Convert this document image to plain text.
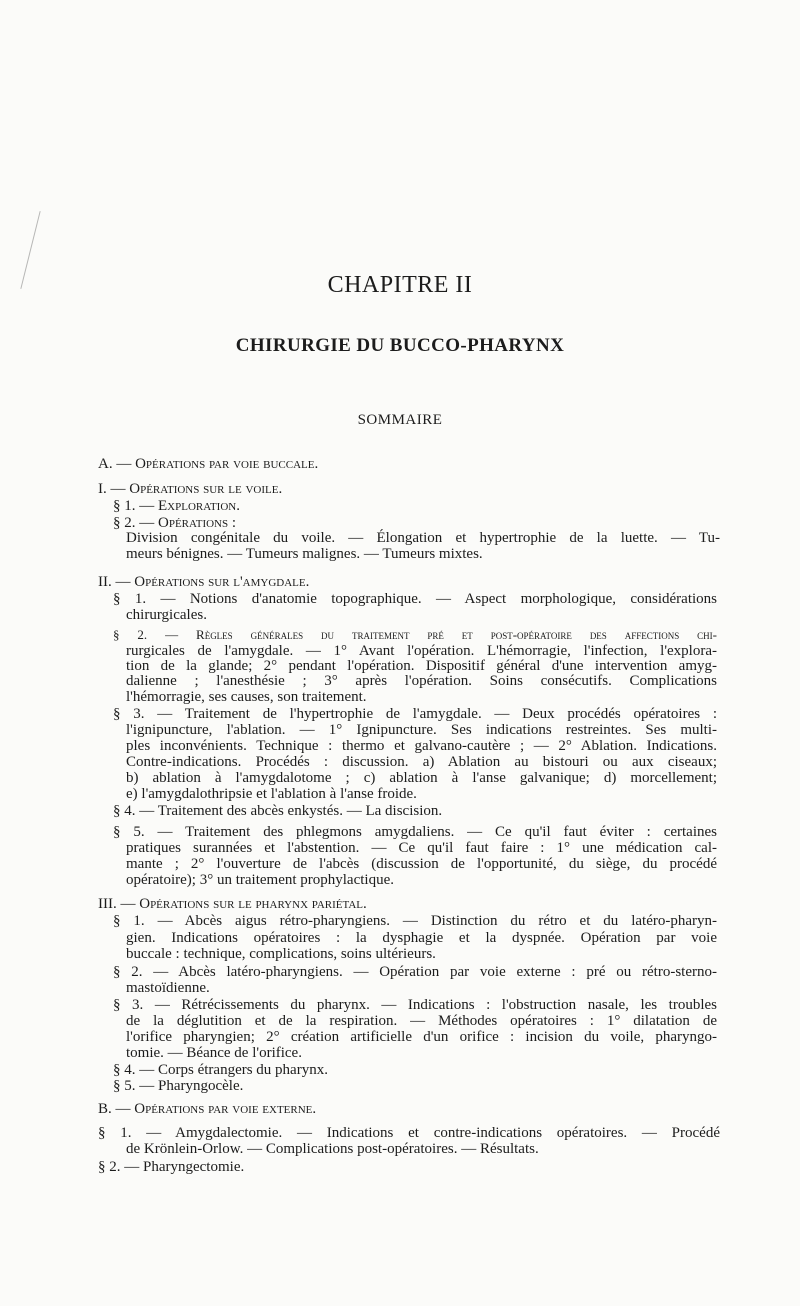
CHAPITRE II
CHIRURGIE DU BUCCO-PHARYNX
SOMMAIRE
A. — Opérations par voie buccale.
I. — Opérations sur le voile.
§ 1. — Exploration.
§ 2. — Opérations :
Division congénitale du voile. — Élongation et hypertrophie de la luette. — Tu-
meurs bénignes. — Tumeurs malignes. — Tumeurs mixtes.
II. — Opérations sur l'amygdale.
§ 1. — Notions d'anatomie topographique. — Aspect morphologique, considérations
chirurgicales.
§ 2. — Règles générales du traitement pré et post-opératoire des affections chi-
rurgicales de l'amygdale. — 1° Avant l'opération. L'hémorragie, l'infection, l'explora-
tion de la glande; 2° pendant l'opération. Dispositif général d'une intervention amyg-
dalienne ; l'anesthésie ; 3° après l'opération. Soins consécutifs. Complications
l'hémorragie, ses causes, son traitement.
§ 3. — Traitement de l'hypertrophie de l'amygdale. — Deux procédés opératoires :
l'ignipuncture, l'ablation. — 1° Ignipuncture. Ses indications restreintes. Ses multi-
ples inconvénients. Technique : thermo et galvano-cautère ; — 2° Ablation. Indications.
Contre-indications. Procédés : discussion. a) Ablation au bistouri ou aux ciseaux;
b) ablation à l'amygdalotome ; c) ablation à l'anse galvanique; d) morcellement;
e) l'amygdalothripsie et l'ablation à l'anse froide.
§ 4. — Traitement des abcès enkystés. — La discision.
§ 5. — Traitement des phlegmons amygdaliens. — Ce qu'il faut éviter : certaines
pratiques surannées et l'abstention. — Ce qu'il faut faire : 1° une médication cal-
mante ; 2° l'ouverture de l'abcès (discussion de l'opportunité, du siège, du procédé
opératoire); 3° un traitement prophylactique.
III. — Opérations sur le pharynx pariétal.
§ 1. — Abcès aigus rétro-pharyngiens. — Distinction du rétro et du latéro-pharyn-
gien. Indications opératoires : la dysphagie et la dyspnée. Opération par voie
buccale : technique, complications, soins ultérieurs.
§ 2. — Abcès latéro-pharyngiens. — Opération par voie externe : pré ou rétro-sterno-
mastoïdienne.
§ 3. — Rétrécissements du pharynx. — Indications : l'obstruction nasale, les troubles
de la déglutition et de la respiration. — Méthodes opératoires : 1° dilatation de
l'orifice pharyngien; 2° création artificielle d'un orifice : incision du voile, pharyngo-
tomie. — Béance de l'orifice.
§ 4. — Corps étrangers du pharynx.
§ 5. — Pharyngocèle.
B. — Opérations par voie externe.
§ 1. — Amygdalectomie. — Indications et contre-indications opératoires. — Procédé
de Krönlein-Orlow. — Complications post-opératoires. — Résultats.
§ 2. — Pharyngectomie.
